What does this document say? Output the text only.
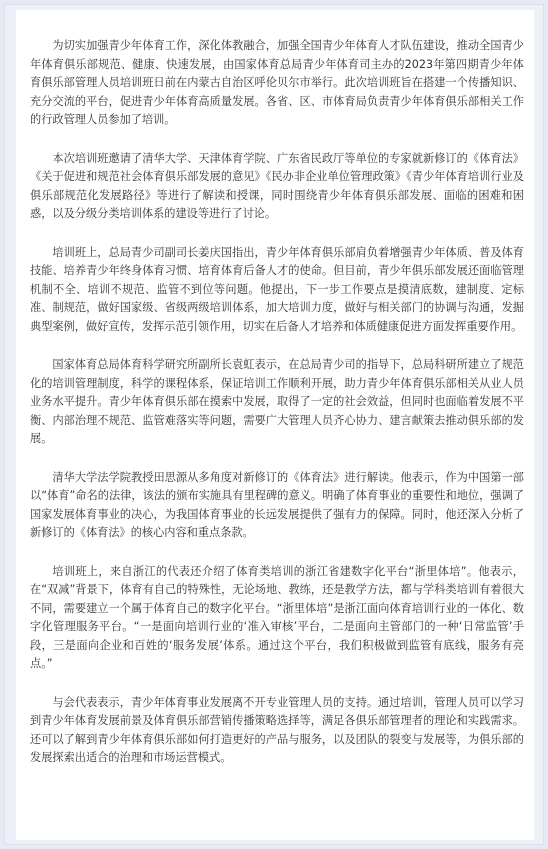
为切实加强青少年体育工作，深化体教融合，加强全国青少年体育人才队伍建设，推动全国青少年体育俱乐部规范、健康、快速发展，由国家体育总局青少年体育司主办的2023年第四期青少年体育俱乐部管理人员培训班日前在内蒙古自治区呼伦贝尔市举行。此次培训班旨在搭建一个传播知识、充分交流的平台，促进青少年体育高质量发展。各省、区、市体育局负责青少年体育俱乐部相关工作的行政管理人员参加了培训。

本次培训班邀请了清华大学、天津体育学院、广东省民政厅等单位的专家就新修订的《体育法》《关于促进和规范社会体育俱乐部发展的意见》《民办非企业单位管理政策》《青少年体育培训行业及俱乐部规范化发展路径》等进行了解读和授课，同时围绕青少年体育俱乐部发展、面临的困难和困惑，以及分级分类培训体系的建设等进行了讨论。

培训班上，总局青少司副司长姜庆国指出，青少年体育俱乐部肩负着增强青少年体质、普及体育技能、培养青少年终身体育习惯、培育体育后备人才的使命。但目前，青少年俱乐部发展还面临管理机制不全、培训不规范、监管不到位等问题。他提出，下一步工作要点是摸清底数，建制度、定标准、制规范，做好国家级、省级两级培训体系，加大培训力度，做好与相关部门的协调与沟通，发掘典型案例，做好宣传，发挥示范引领作用，切实在后备人才培养和体质健康促进方面发挥重要作用。

国家体育总局体育科学研究所副所长袁虹表示，在总局青少司的指导下，总局科研所建立了规范化的培训管理制度，科学的课程体系，保证培训工作顺利开展，助力青少年体育俱乐部相关从业人员业务水平提升。青少年体育俱乐部在摸索中发展，取得了一定的社会效益，但同时也面临着发展不平衡、内部治理不规范、监管难落实等问题，需要广大管理人员齐心协力、建言献策去推动俱乐部的发展。

清华大学法学院教授田思源从多角度对新修订的《体育法》进行解读。他表示，作为中国第一部以“体育”命名的法律，该法的颁布实施具有里程碑的意义。明确了体育事业的重要性和地位，强调了国家发展体育事业的决心，为我国体育事业的长远发展提供了强有力的保障。同时，他还深入分析了新修订的《体育法》的核心内容和重点条款。

培训班上，来自浙江的代表还介绍了体育类培训的浙江省建数字化平台“浙里体培”。他表示，在“双减”背景下，体育有自己的特殊性，无论场地、教练，还是教学方法，都与学科类培训有着很大不同，需要建立一个属于体育自己的数字化平台。“浙里体培”是浙江面向体育培训行业的一体化、数字化管理服务平台。“一是面向培训行业的‘准入审核’平台，二是面向主管部门的一种‘日常监管’手段，三是面向企业和百姓的‘服务发展’体系。通过这个平台，我们积极做到监管有底线，服务有亮点。”

与会代表表示，青少年体育事业发展离不开专业管理人员的支持。通过培训，管理人员可以学习到青少年体育发展前景及体育俱乐部营销传播策略选择等，满足各俱乐部管理者的理论和实践需求。还可以了解到青少年体育俱乐部如何打造更好的产品与服务，以及团队的裂变与发展等，为俱乐部的发展探索出适合的治理和市场运营模式。
